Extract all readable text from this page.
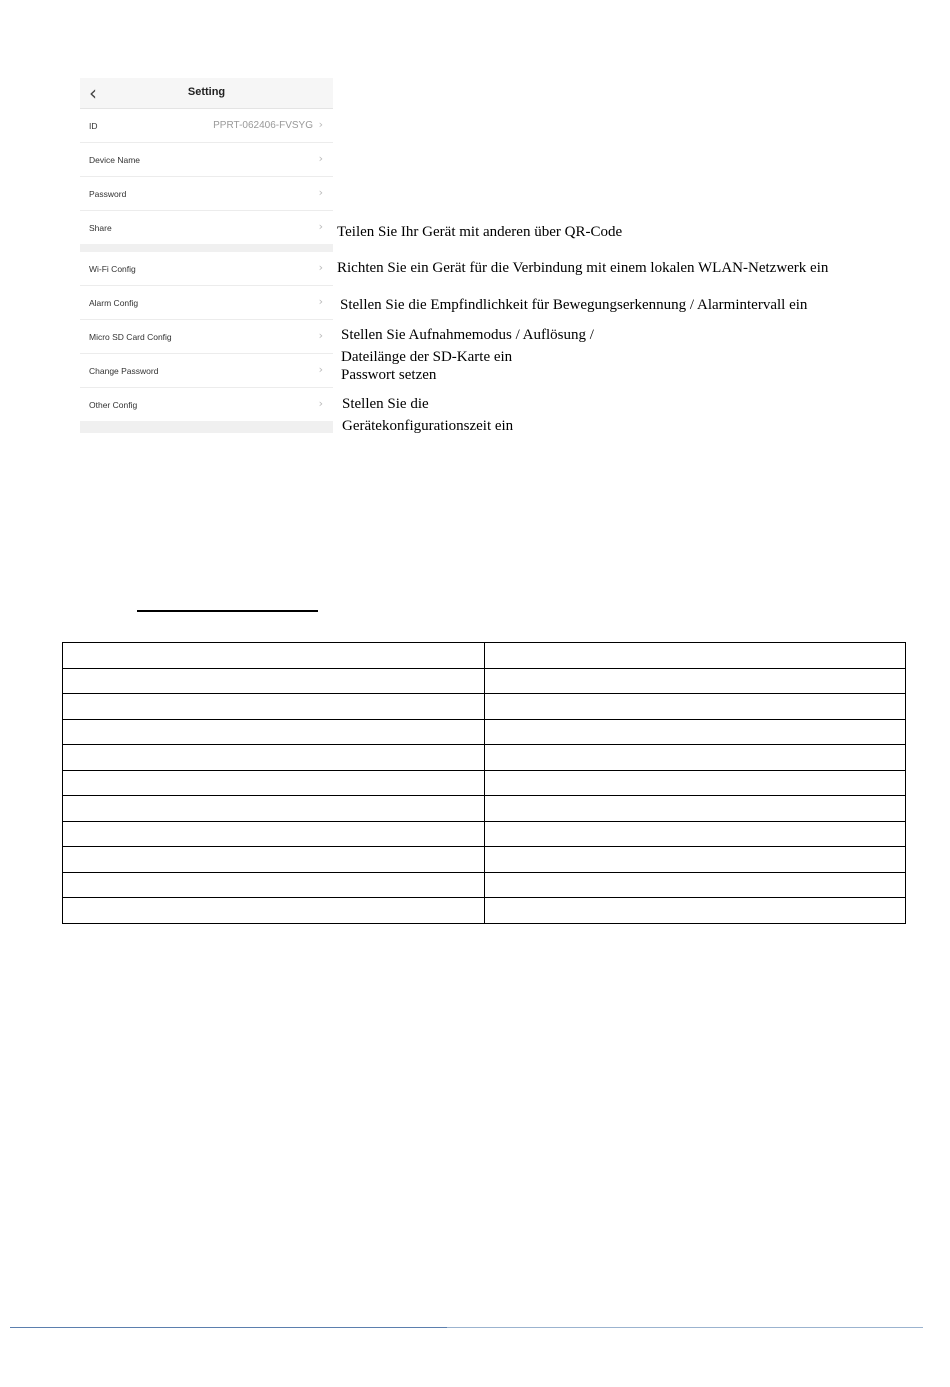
‹	Setting
ID	PPRT-062406-FVSYG ›
Device Name	›
Password	›
Share	›
Wi-Fi Config	›
Alarm Config	›
Micro SD Card Config	›
Change Password	›
Other Config	›
Teilen Sie Ihr Gerät mit anderen über QR-Code
Richten Sie ein Gerät für die Verbindung mit einem lokalen WLAN-Netzwerk ein
Stellen Sie die Empfindlichkeit für Bewegungserkennung / Alarmintervall ein
Stellen Sie Aufnahmemodus / Auflösung /
Dateilänge der SD-Karte ein
Passwort setzen
Stellen Sie die
Gerätekonfigurationszeit ein
